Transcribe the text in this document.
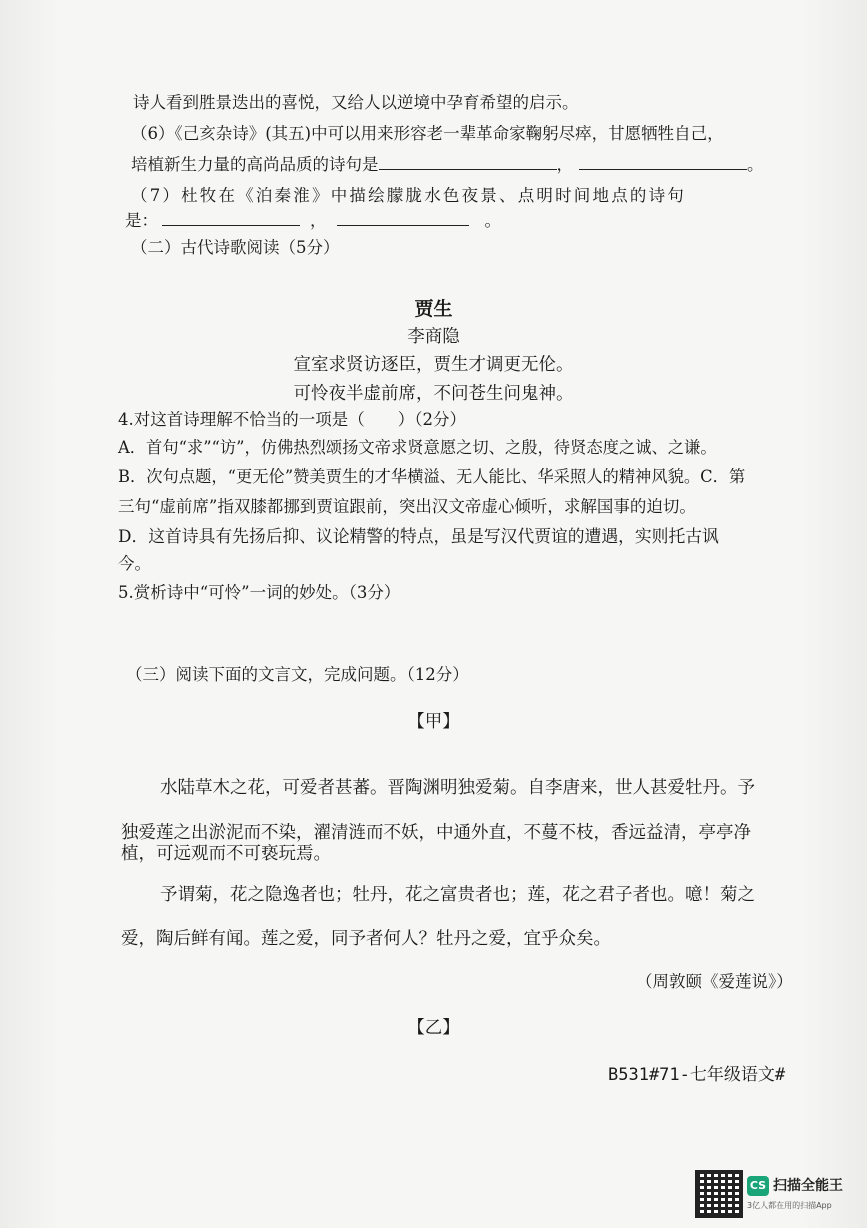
诗人看到胜景迭出的喜悦，又给人以逆境中孕育希望的启示。
（6）《己亥杂诗》(其五)中可以用来形容老一辈革命家鞠躬尽瘁，甘愿牺牲自己，
培植新生力量的高尚品质的诗句是	，	。
（7）杜牧在《泊秦淮》中描绘朦胧水色夜景、点明时间地点的诗句
是：	，	。
（二）古代诗歌阅读（5分）
贾生
李商隐
宣室求贤访逐臣，贾生才调更无伦。
可怜夜半虚前席，不问苍生问鬼神。
4.对这首诗理解不恰当的一项是（　　）（2分）
A．首句“求”“访”，仿佛热烈颂扬文帝求贤意愿之切、之殷，待贤态度之诚、之谦。
B．次句点题，“更无伦”赞美贾生的才华横溢、无人能比、华采照人的精神风貌。C．第
三句“虚前席”指双膝都挪到贾谊跟前，突出汉文帝虚心倾听，求解国事的迫切。
D．这首诗具有先扬后抑、议论精警的特点，虽是写汉代贾谊的遭遇，实则托古讽
今。
5.赏析诗中“可怜”一词的妙处。（3分）
（三）阅读下面的文言文，完成问题。（12分）
【甲】
水陆草木之花，可爱者甚蕃。晋陶渊明独爱菊。自李唐来，世人甚爱牡丹。予
独爱莲之出淤泥而不染，濯清涟而不妖，中通外直，不蔓不枝，香远益清，亭亭净
植，可远观而不可亵玩焉。
予谓菊，花之隐逸者也；牡丹，花之富贵者也；莲，花之君子者也。噫！菊之
爱，陶后鲜有闻。莲之爱，同予者何人？牡丹之爱，宜乎众矣。
（周敦颐《爱莲说》）
【乙】
B531#71-七年级语文#
CS 扫描全能王
3亿人都在用的扫描App
